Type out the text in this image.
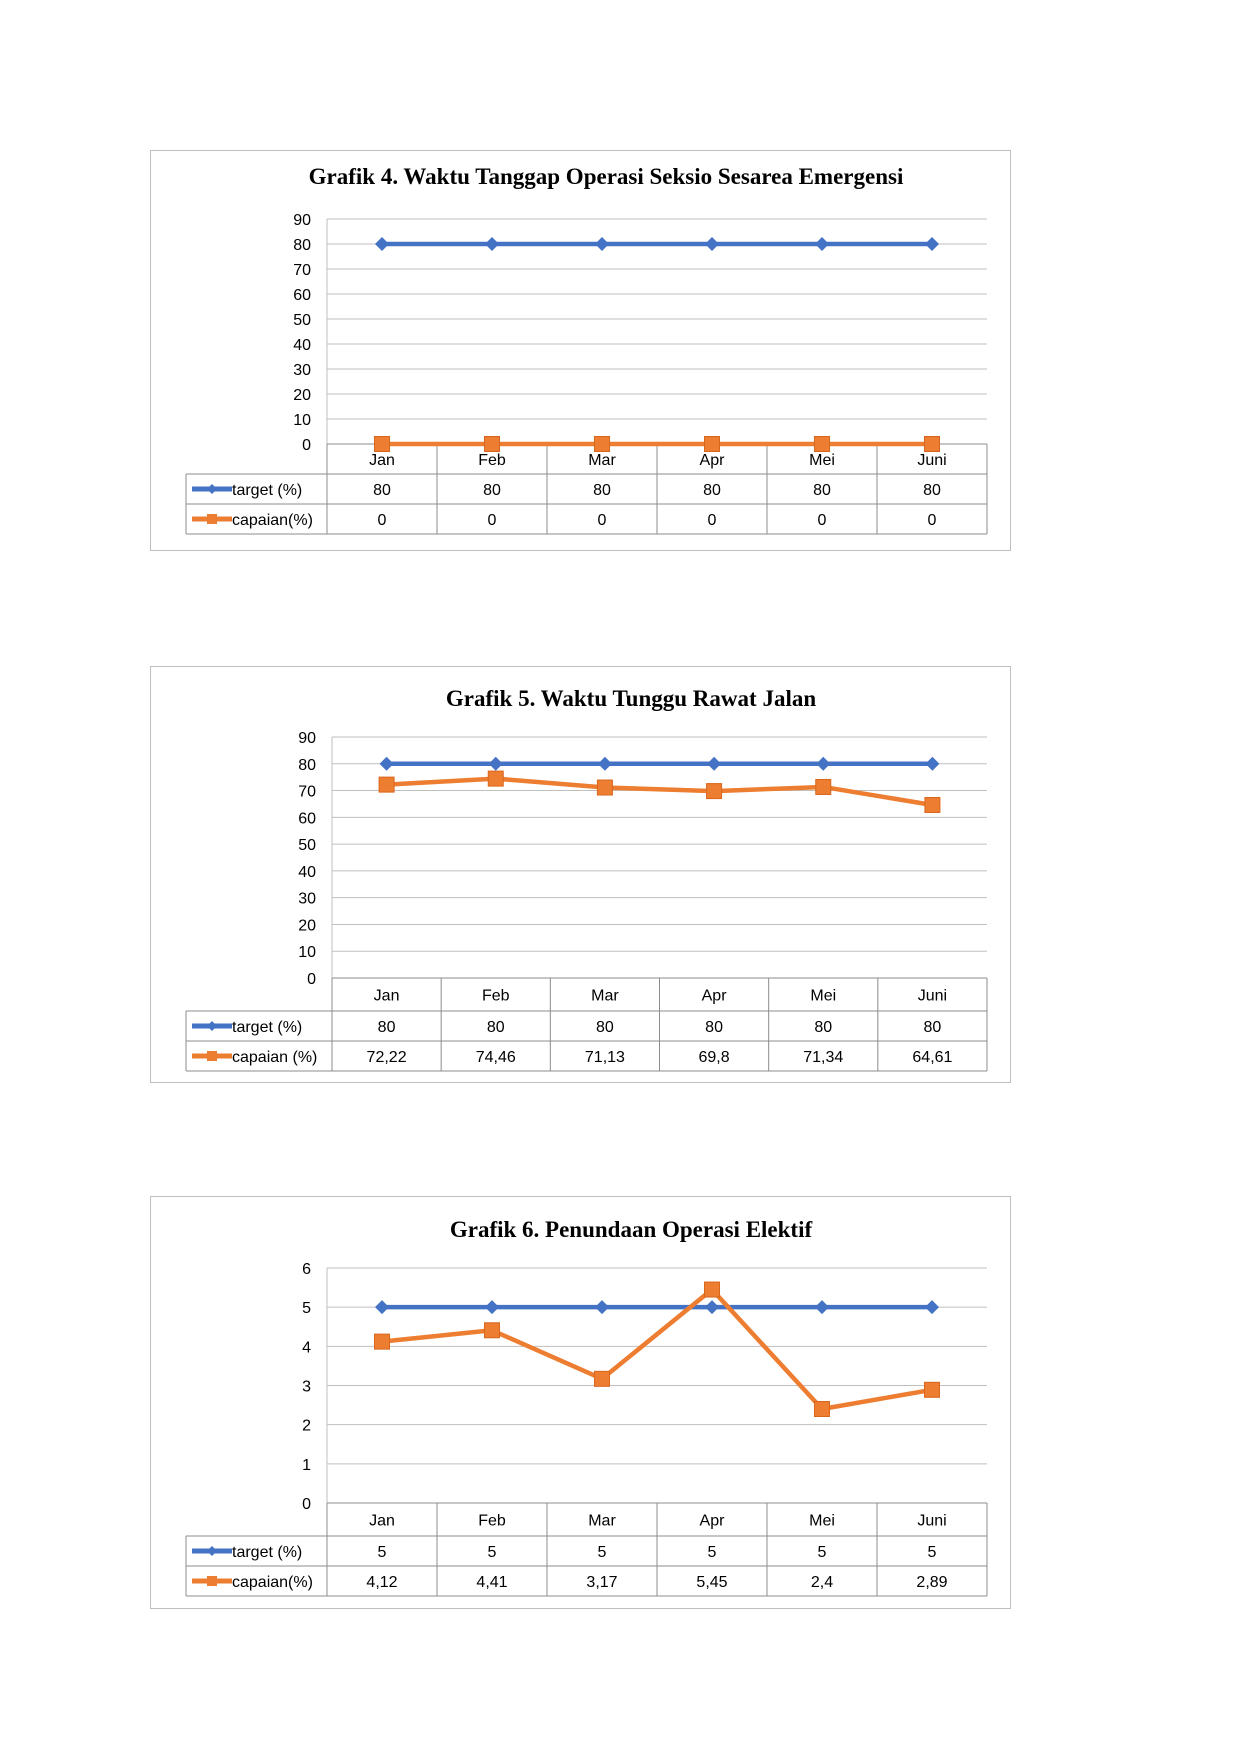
Grafik 4. Waktu Tanggap Operasi Seksio Sesarea Emergensi
0
10
20
30
40
50
60
70
80
90
Jan	Feb	Mar	Apr	Mei	Juni
target (%)	80	80	80	80	80	80
capaian(%)	0	0	0	0	0	0
Grafik 5. Waktu Tunggu Rawat Jalan
0
10
20
30
40
50
60
70
80
90
Jan	Feb	Mar	Apr	Mei	Juni
target (%)	80	80	80	80	80	80
capaian (%)	72,22	74,46	71,13	69,8	71,34	64,61
Grafik 6. Penundaan Operasi Elektif
0
1
2
3
4
5
6
Jan	Feb	Mar	Apr	Mei	Juni
target (%)	5	5	5	5	5	5
capaian(%)	4,12	4,41	3,17	5,45	2,4	2,89
